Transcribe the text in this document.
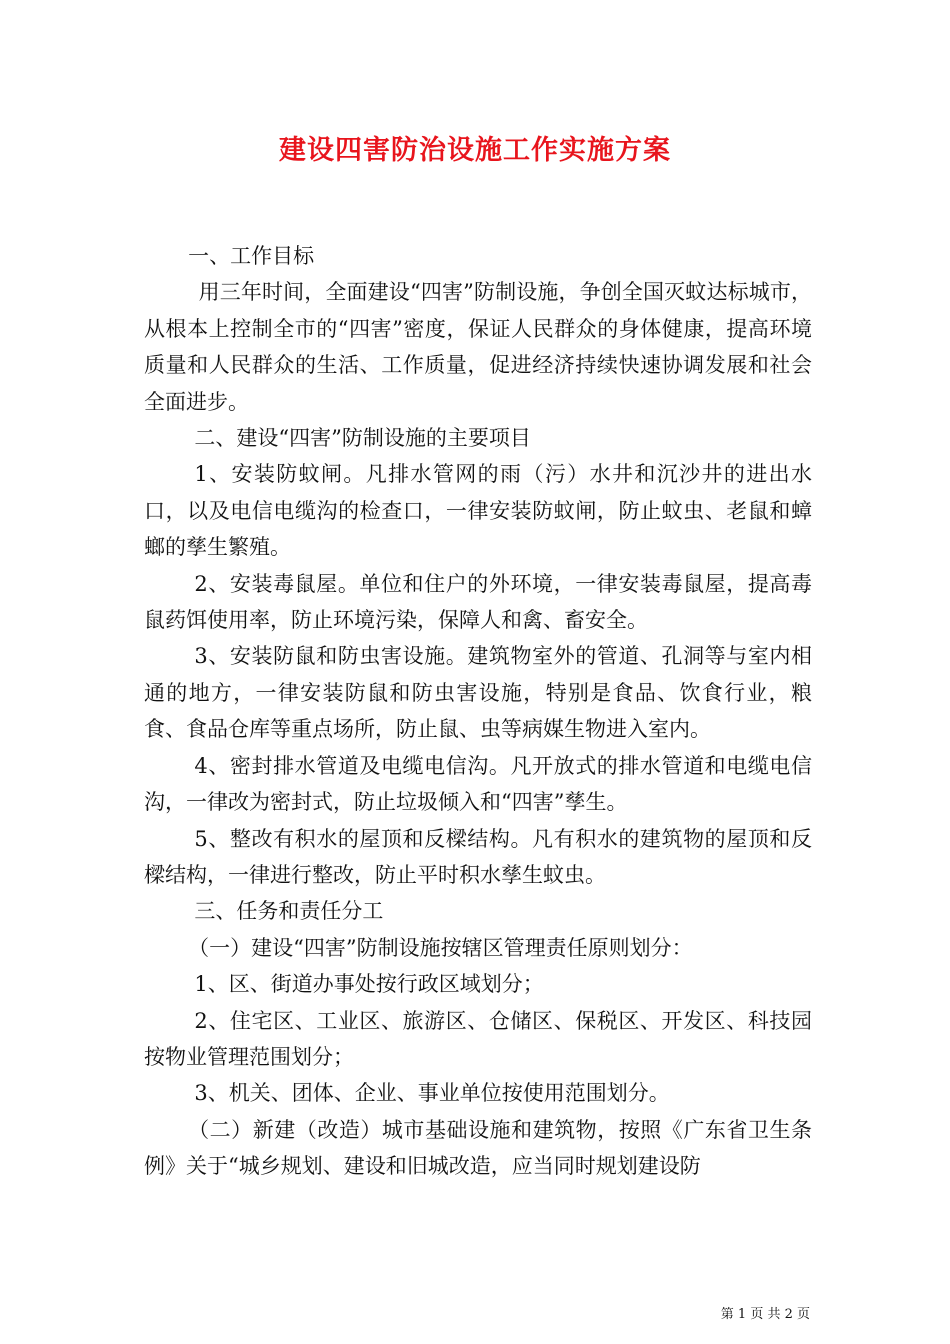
建设四害防治设施工作实施方案

一、工作目标

用三年时间，全面建设“四害”防制设施，争创全国灭蚊达标城市，从根本上控制全市的“四害”密度，保证人民群众的身体健康，提高环境质量和人民群众的生活、工作质量，促进经济持续快速协调发展和社会全面进步。

二、建设“四害”防制设施的主要项目

1、安装防蚊闸。凡排水管网的雨（污）水井和沉沙井的进出水口，以及电信电缆沟的检查口，一律安装防蚊闸，防止蚊虫、老鼠和蟑螂的孳生繁殖。

2、安装毒鼠屋。单位和住户的外环境，一律安装毒鼠屋，提高毒鼠药饵使用率，防止环境污染，保障人和禽、畜安全。

3、安装防鼠和防虫害设施。建筑物室外的管道、孔洞等与室内相通的地方，一律安装防鼠和防虫害设施，特别是食品、饮食行业，粮食、食品仓库等重点场所，防止鼠、虫等病媒生物进入室内。

4、密封排水管道及电缆电信沟。凡开放式的排水管道和电缆电信沟，一律改为密封式，防止垃圾倾入和“四害”孳生。

5、整改有积水的屋顶和反樑结构。凡有积水的建筑物的屋顶和反樑结构，一律进行整改，防止平时积水孳生蚊虫。

三、任务和责任分工

（一）建设“四害”防制设施按辖区管理责任原则划分：

1、区、街道办事处按行政区域划分；

2、住宅区、工业区、旅游区、仓储区、保税区、开发区、科技园按物业管理范围划分；

3、机关、团体、企业、事业单位按使用范围划分。

（二）新建（改造）城市基础设施和建筑物，按照《广东省卫生条例》关于“城乡规划、建设和旧城改造，应当同时规划建设防

第 1 页 共 2 页
